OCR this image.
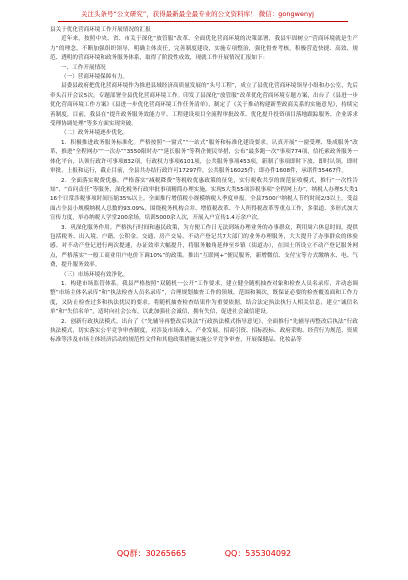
关注头条号“公文研究”，获得最新最全最专业的公文资料库！ 微信：gongwenyj

县关于优化营商环境工作开展情况的汇报

近年来，按照中央、省、市关于深化“放管服”改革、全面优化营商环境的决策部署，我县牢固树立“营商环境就是生产力”的理念，不断加强组织领导，明确主体责任，完善制度建设，实施专项整治，强化督查考核，积极营造快捷、高效、规范、透明的营商环境和政务服务体系，取得了阶段性成效，现就工作开展情况汇报如下：

一、工作开展情况

（一）营商环境保障有力。

县委县政府把优化营商环境作为推进县域经济高质量发展的“头号工程”，成立了县优化营商环境领导小组和办公室，先后牵头召开会议5次，专题部署全县优化营商环境工作。印发了县深化“放管服”改革优化营商环境专题方案，出台了《县进一步优化营商环境工作方案》《县进一步优化营商环境工作任务清单》，制定了《关于推动构建新型政商关系的实施意见》，持续完善制度，目前，我县在“提升政务服务效能力平、工程建设项目全流程审批改革、优化提升投资项目落地跟踪服务、企业诉求受理协调处理”等多方面实现突破。

（二）政务环境逐步优化。

1．积极推进政务服务标准化。严格按照“一窗式”“一站式”服务和标准化建设要求，认真开展“一窗受理、集成服务”改革，推进“全程网办”“一次办”“3550限时办”“延长服务”等利企便民举措，公布“最多跑一次”事项774项，信托索政务服务一体化平台，认领行政许可事项832项，行政权力事项6101项，公共服务事项453项，新制了事项即时下放、即时认领，即时审批、上报和运行，截止目前，全县共办结行政许可17297件，公共服务16025件；即办件1608件，承诺件35467件。

2．全面落实税费优惠。严格落实“减税降费”等税收优惠政策的征免，实行税收共享的规范征收模式，推行“一次性告知”、“首问责任”等服务，深化税务行政审批事项精简办理实施，实现5大类55项涉税事项“全程网上办”，纳税人办理5大类116个日常涉税事项时间压缩35%以上。全面推行增值税小规模纳税人季度申报。全县7500户纳税人节约时间2/3以上。受益面占全县小规模纳税人总数的93.09%，围绕税务机构合并、增值税改革、个人所得税改革等重点工作，多渠道、多形式加大宣传力度，举办纳税人学堂200余场，培训5000余人次，开展入户宣传1.4万余户次。

3．巩深化服务作用。严格执行时间和惠民政策，为方便工作日无法到场办理业务的办事群众，利用周六休息时间，提供包括税务、出入境、户籍、公积金、交通、房产交易、不动产登记共7大部门的业务办理服务，大大提升了办事群众的体验感。对不动产登记进行两次提速，办证效率大幅提升，将服务触角延伸至乡镇（街道办），在国土所设立不动产登记服务网点，严格落实“一般工商业用户电价下调10%”的政策。推出“互联网+”便民服务，新增微信、支付宝等方式缴纳水、电、气费，提升服务效率。

（三）市场环境有效净化。

1．构建市场监管体系。我县严格按照“双随机一公开”工作要求，建立健全随机抽查对象和检查人员名录库，并动态调整“市场主体名录库”和“执法检查人员名录库”，合理规划抽查工作的领域、范围和频次，既保证必要的检查覆盖面和工作力度，又防止检查过多和执法扰民的要求。将随机抽查检查结果作为重要依据，结合法定执法执行人相关信息，建立“诚信名单”和“失信名单”，适时向社会公布，以此加强社会诚信，拥有失信，促进社会诚信建设。

2．创新行政执法模式。出台了《“先辅导再整改后执法”行政执法模式指导意见》，全面推行“先辅导再整改后执法”行政执法模式，切实落实公平竞争审查制度，对涉及市场准入、产业发展、招商引资、招标投标、政府采购、经营行为规范、资质标准等涉及市场主体经济活动的规范性文件和其他政策措施实施公平竞争审查，开展保健品、化妆品等

QQ群：30265665	QQ：535304092
